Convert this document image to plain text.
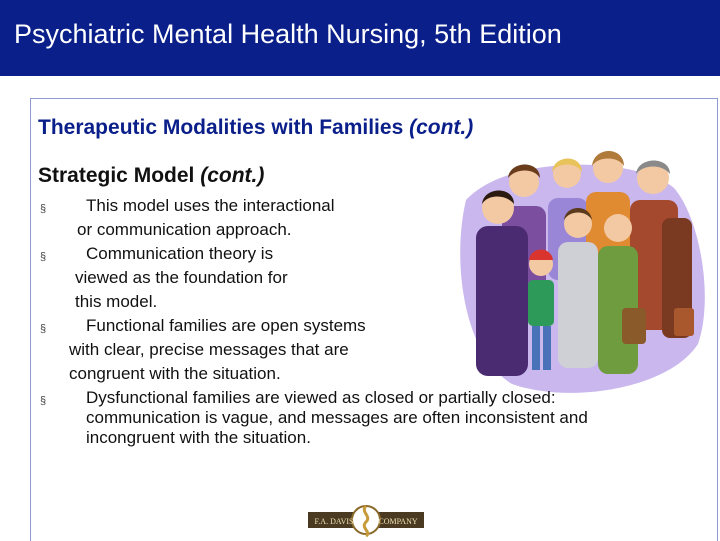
Psychiatric Mental Health Nursing, 5th Edition
Therapeutic Modalities with Families (cont.)
Strategic Model (cont.)
§ This model uses the interactional
or communication approach.
§ Communication theory is
viewed as the foundation for
this model.
§ Functional families are open systems
with clear, precise messages that are
congruent with the situation.
§ Dysfunctional families are viewed as closed or partially closed:
communication is vague, and messages are often inconsistent and
incongruent with the situation.
F.A. DAVIS	COMPANY
